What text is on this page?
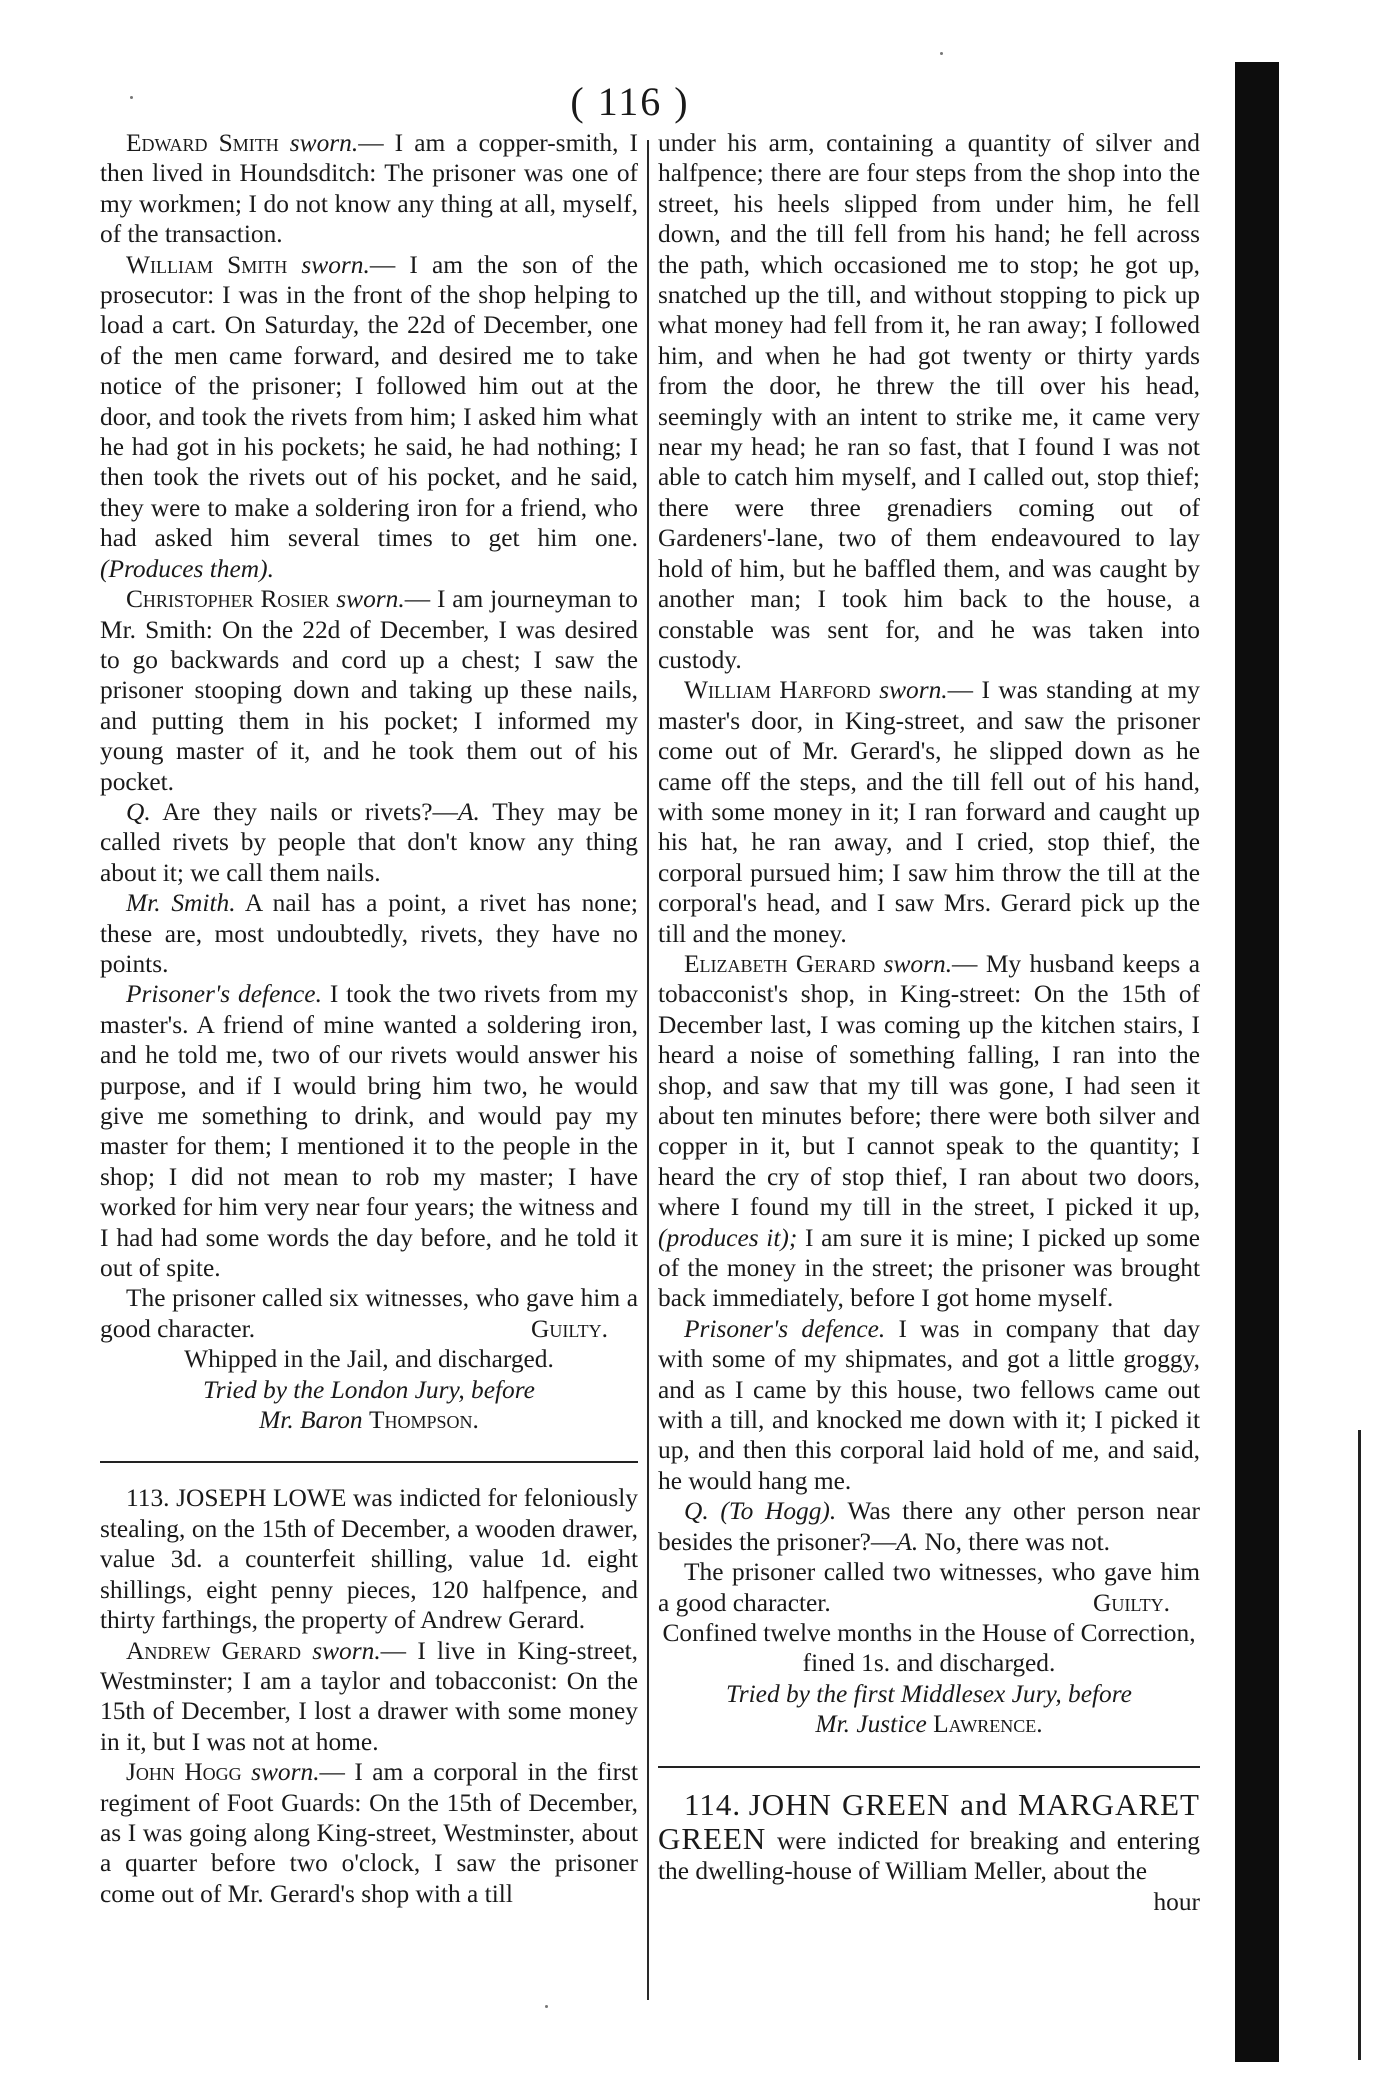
( 116 )

Edward Smith sworn.— I am a copper-smith, I then lived in Houndsditch: The prisoner was one of my workmen; I do not know any thing at all, myself, of the transaction.

William Smith sworn.— I am the son of the prosecutor: I was in the front of the shop helping to load a cart. On Saturday, the 22d of December, one of the men came forward, and desired me to take notice of the prisoner; I followed him out at the door, and took the rivets from him; I asked him what he had got in his pockets; he said, he had nothing; I then took the rivets out of his pocket, and he said, they were to make a soldering iron for a friend, who had asked him several times to get him one. (Produces them).

Christopher Rosier sworn.— I am journeyman to Mr. Smith: On the 22d of December, I was desired to go backwards and cord up a chest; I saw the prisoner stooping down and taking up these nails, and putting them in his pocket; I informed my young master of it, and he took them out of his pocket.

Q. Are they nails or rivets?—A. They may be called rivets by people that don't know any thing about it; we call them nails.

Mr. Smith. A nail has a point, a rivet has none; these are, most undoubtedly, rivets, they have no points.

Prisoner's defence. I took the two rivets from my master's. A friend of mine wanted a soldering iron, and he told me, two of our rivets would answer his purpose, and if I would bring him two, he would give me something to drink, and would pay my master for them; I mentioned it to the people in the shop; I did not mean to rob my master; I have worked for him very near four years; the witness and I had had some words the day before, and he told it out of spite.

The prisoner called six witnesses, who gave him a good character.	Guilty.

Whipped in the Jail, and discharged.

Tried by the London Jury, before

Mr. Baron Thompson.

113. JOSEPH LOWE was indicted for feloniously stealing, on the 15th of December, a wooden drawer, value 3d. a counterfeit shilling, value 1d. eight shillings, eight penny pieces, 120 halfpence, and thirty farthings, the property of Andrew Gerard.

Andrew Gerard sworn.— I live in King-street, Westminster; I am a taylor and tobacconist: On the 15th of December, I lost a drawer with some money in it, but I was not at home.

John Hogg sworn.— I am a corporal in the first regiment of Foot Guards: On the 15th of December, as I was going along King-street, Westminster, about a quarter before two o'clock, I saw the prisoner come out of Mr. Gerard's shop with a till

under his arm, containing a quantity of silver and halfpence; there are four steps from the shop into the street, his heels slipped from under him, he fell down, and the till fell from his hand; he fell across the path, which occasioned me to stop; he got up, snatched up the till, and without stopping to pick up what money had fell from it, he ran away; I followed him, and when he had got twenty or thirty yards from the door, he threw the till over his head, seemingly with an intent to strike me, it came very near my head; he ran so fast, that I found I was not able to catch him myself, and I called out, stop thief; there were three grenadiers coming out of Gardeners'-lane, two of them endeavoured to lay hold of him, but he baffled them, and was caught by another man; I took him back to the house, a constable was sent for, and he was taken into custody.

William Harford sworn.— I was standing at my master's door, in King-street, and saw the prisoner come out of Mr. Gerard's, he slipped down as he came off the steps, and the till fell out of his hand, with some money in it; I ran forward and caught up his hat, he ran away, and I cried, stop thief, the corporal pursued him; I saw him throw the till at the corporal's head, and I saw Mrs. Gerard pick up the till and the money.

Elizabeth Gerard sworn.— My husband keeps a tobacconist's shop, in King-street: On the 15th of December last, I was coming up the kitchen stairs, I heard a noise of something falling, I ran into the shop, and saw that my till was gone, I had seen it about ten minutes before; there were both silver and copper in it, but I cannot speak to the quantity; I heard the cry of stop thief, I ran about two doors, where I found my till in the street, I picked it up, (produces it); I am sure it is mine; I picked up some of the money in the street; the prisoner was brought back immediately, before I got home myself.

Prisoner's defence. I was in company that day with some of my shipmates, and got a little groggy, and as I came by this house, two fellows came out with a till, and knocked me down with it; I picked it up, and then this corporal laid hold of me, and said, he would hang me.

Q. (To Hogg). Was there any other person near besides the prisoner?—A. No, there was not.

The prisoner called two witnesses, who gave him a good character.	Guilty.

Confined twelve months in the House of Correction, fined 1s. and discharged.

Tried by the first Middlesex Jury, before

Mr. Justice Lawrence.

114. JOHN GREEN and MARGARET GREEN were indicted for breaking and entering the dwelling-house of William Meller, about the

hour
